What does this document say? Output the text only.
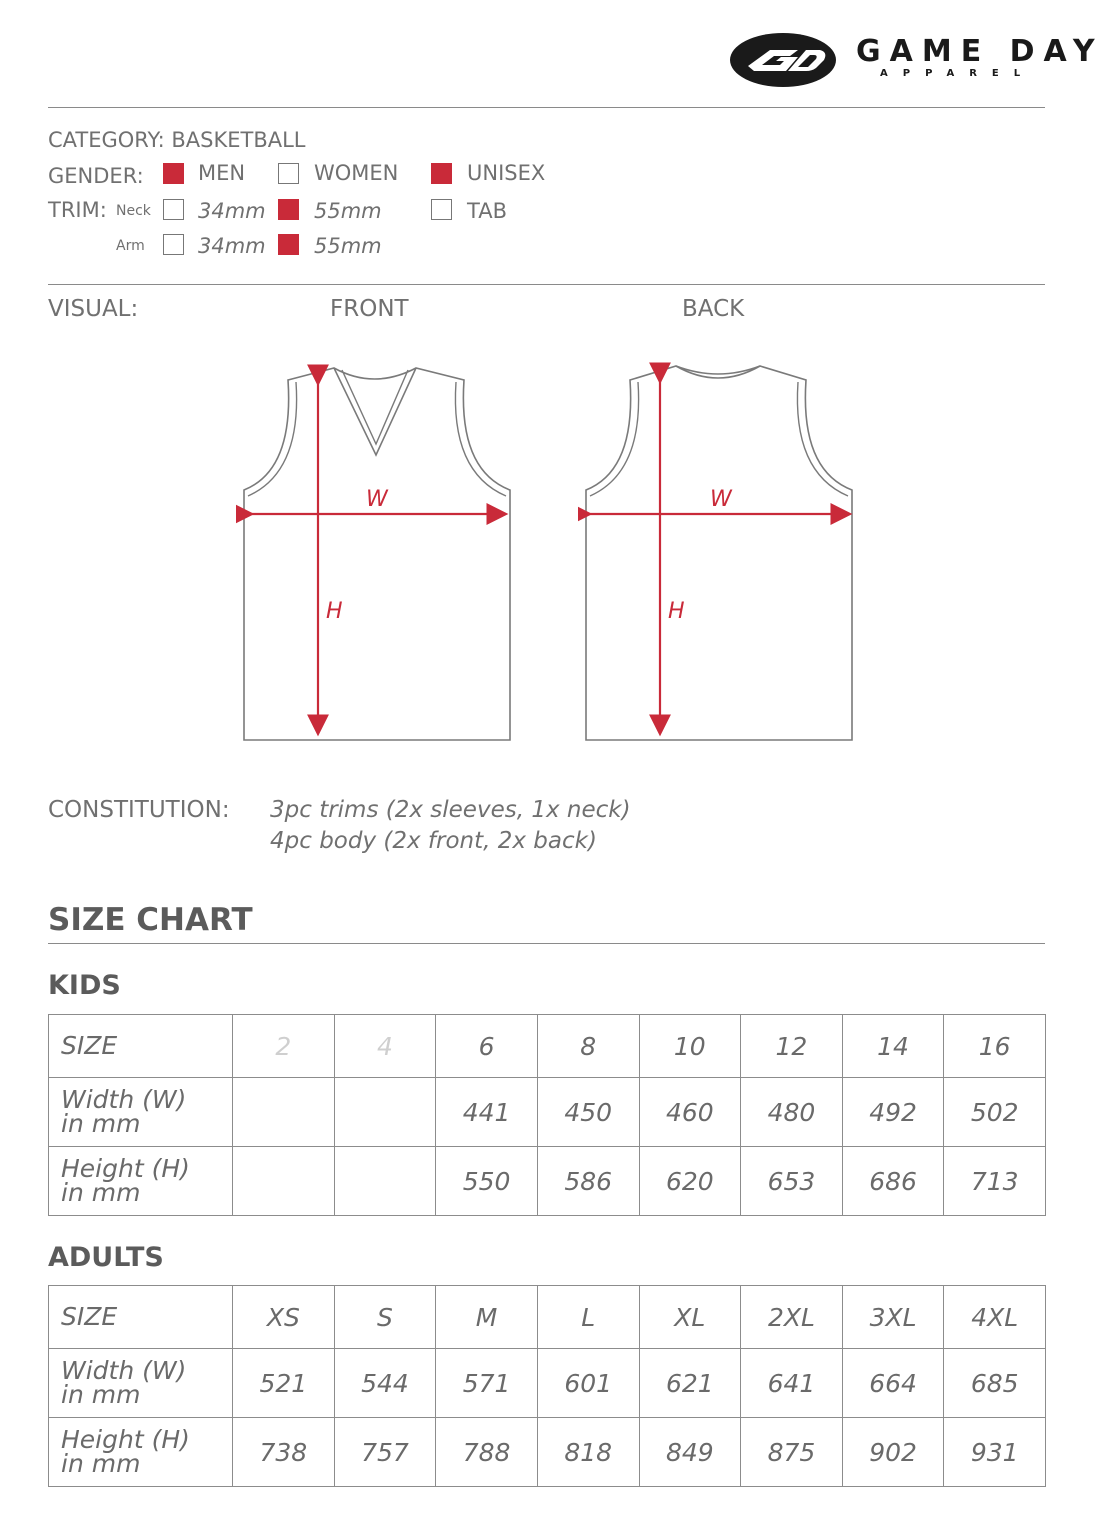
GAME DAY
APPAREL
CATEGORY: BASKETBALL
GENDER:	MEN	WOMEN	UNISEX
TRIM: Neck 34mm 55mm	TAB
Arm	34mm 55mm
VISUAL:	FRONT	BACK
W
H
W
H
CONSTITUTION: 3pc trims (2x sleeves, 1x neck)
4pc body (2x front, 2x back)
SIZE CHART
KIDS
SIZE	2	4	6	8	10	12	14	16

Width (W)
in mm			441	450	460	480	492	502

Height (H)
in mm			550	586	620	653	686	713
ADULTS
SIZE	XS	S	M	L	XL	2XL	3XL	4XL

Width (W)
in mm	521	544	571	601	621	641	664	685

Height (H)
in mm	738	757	788	818	849	875	902	931
